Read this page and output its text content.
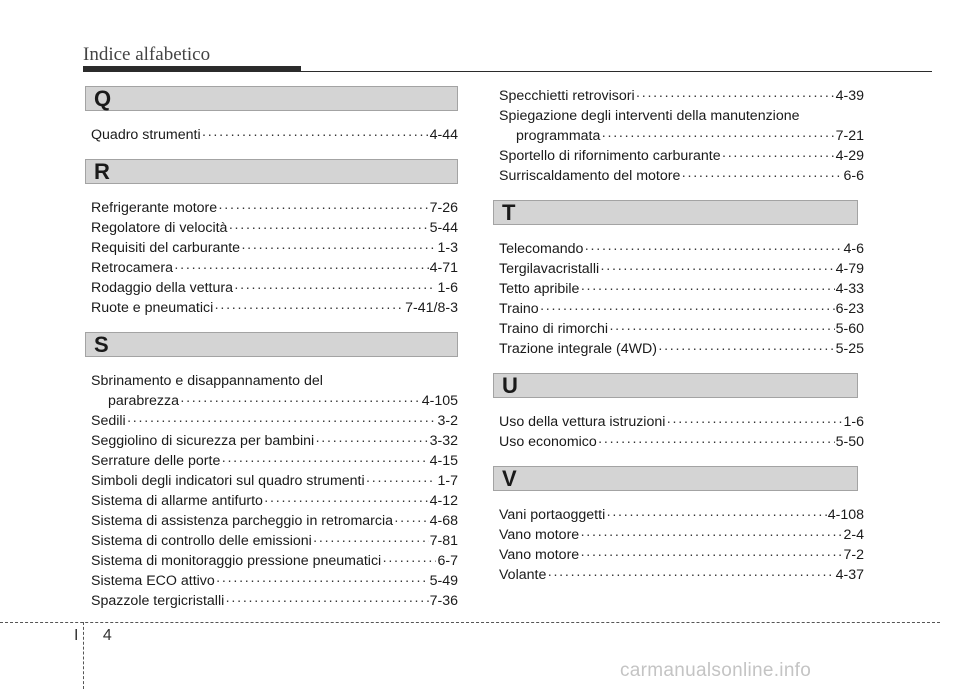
Indice alfabetico
Q
Quadro strumenti ·····	4-44
R
Refrigerante motore ·····	7-26
Regolatore di velocità ·····	5-44
Requisiti del carburante ·····	1-3
Retrocamera ·····	4-71
Rodaggio della vettura ·····	1-6
Ruote e pneumatici ·····	7-41/8-3
S
Sbrinamento e disappannamento del
parabrezza ·····	4-105
Sedili ·····	3-2
Seggiolino di sicurezza per bambini ·····	3-32
Serrature delle porte ·····	4-15
Simboli degli indicatori sul quadro strumenti ·····	1-7
Sistema di allarme antifurto ·····	4-12
Sistema di assistenza parcheggio in retromarcia ·····	4-68
Sistema di controllo delle emissioni ·····	7-81
Sistema di monitoraggio pressione pneumatici ·····	6-7
Sistema ECO attivo ·····	5-49
Spazzole tergicristalli ·····	7-36
Specchietti retrovisori ·····	4-39
Spiegazione degli interventi della manutenzione
programmata ·····	7-21
Sportello di rifornimento carburante ·····	4-29
Surriscaldamento del motore ·····	6-6
T
Telecomando ·····	4-6
Tergilavacristalli ·····	4-79
Tetto apribile ·····	4-33
Traino ·····	6-23
Traino di rimorchi ·····	5-60
Trazione integrale (4WD) ·····	5-25
U
Uso della vettura istruzioni ·····	1-6
Uso economico ·····	5-50
V
Vani portaoggetti ·····	4-108
Vano motore ·····	2-4
Vano motore ·····	7-2
Volante ·····	4-37
I 4
carmanualsonline.info
